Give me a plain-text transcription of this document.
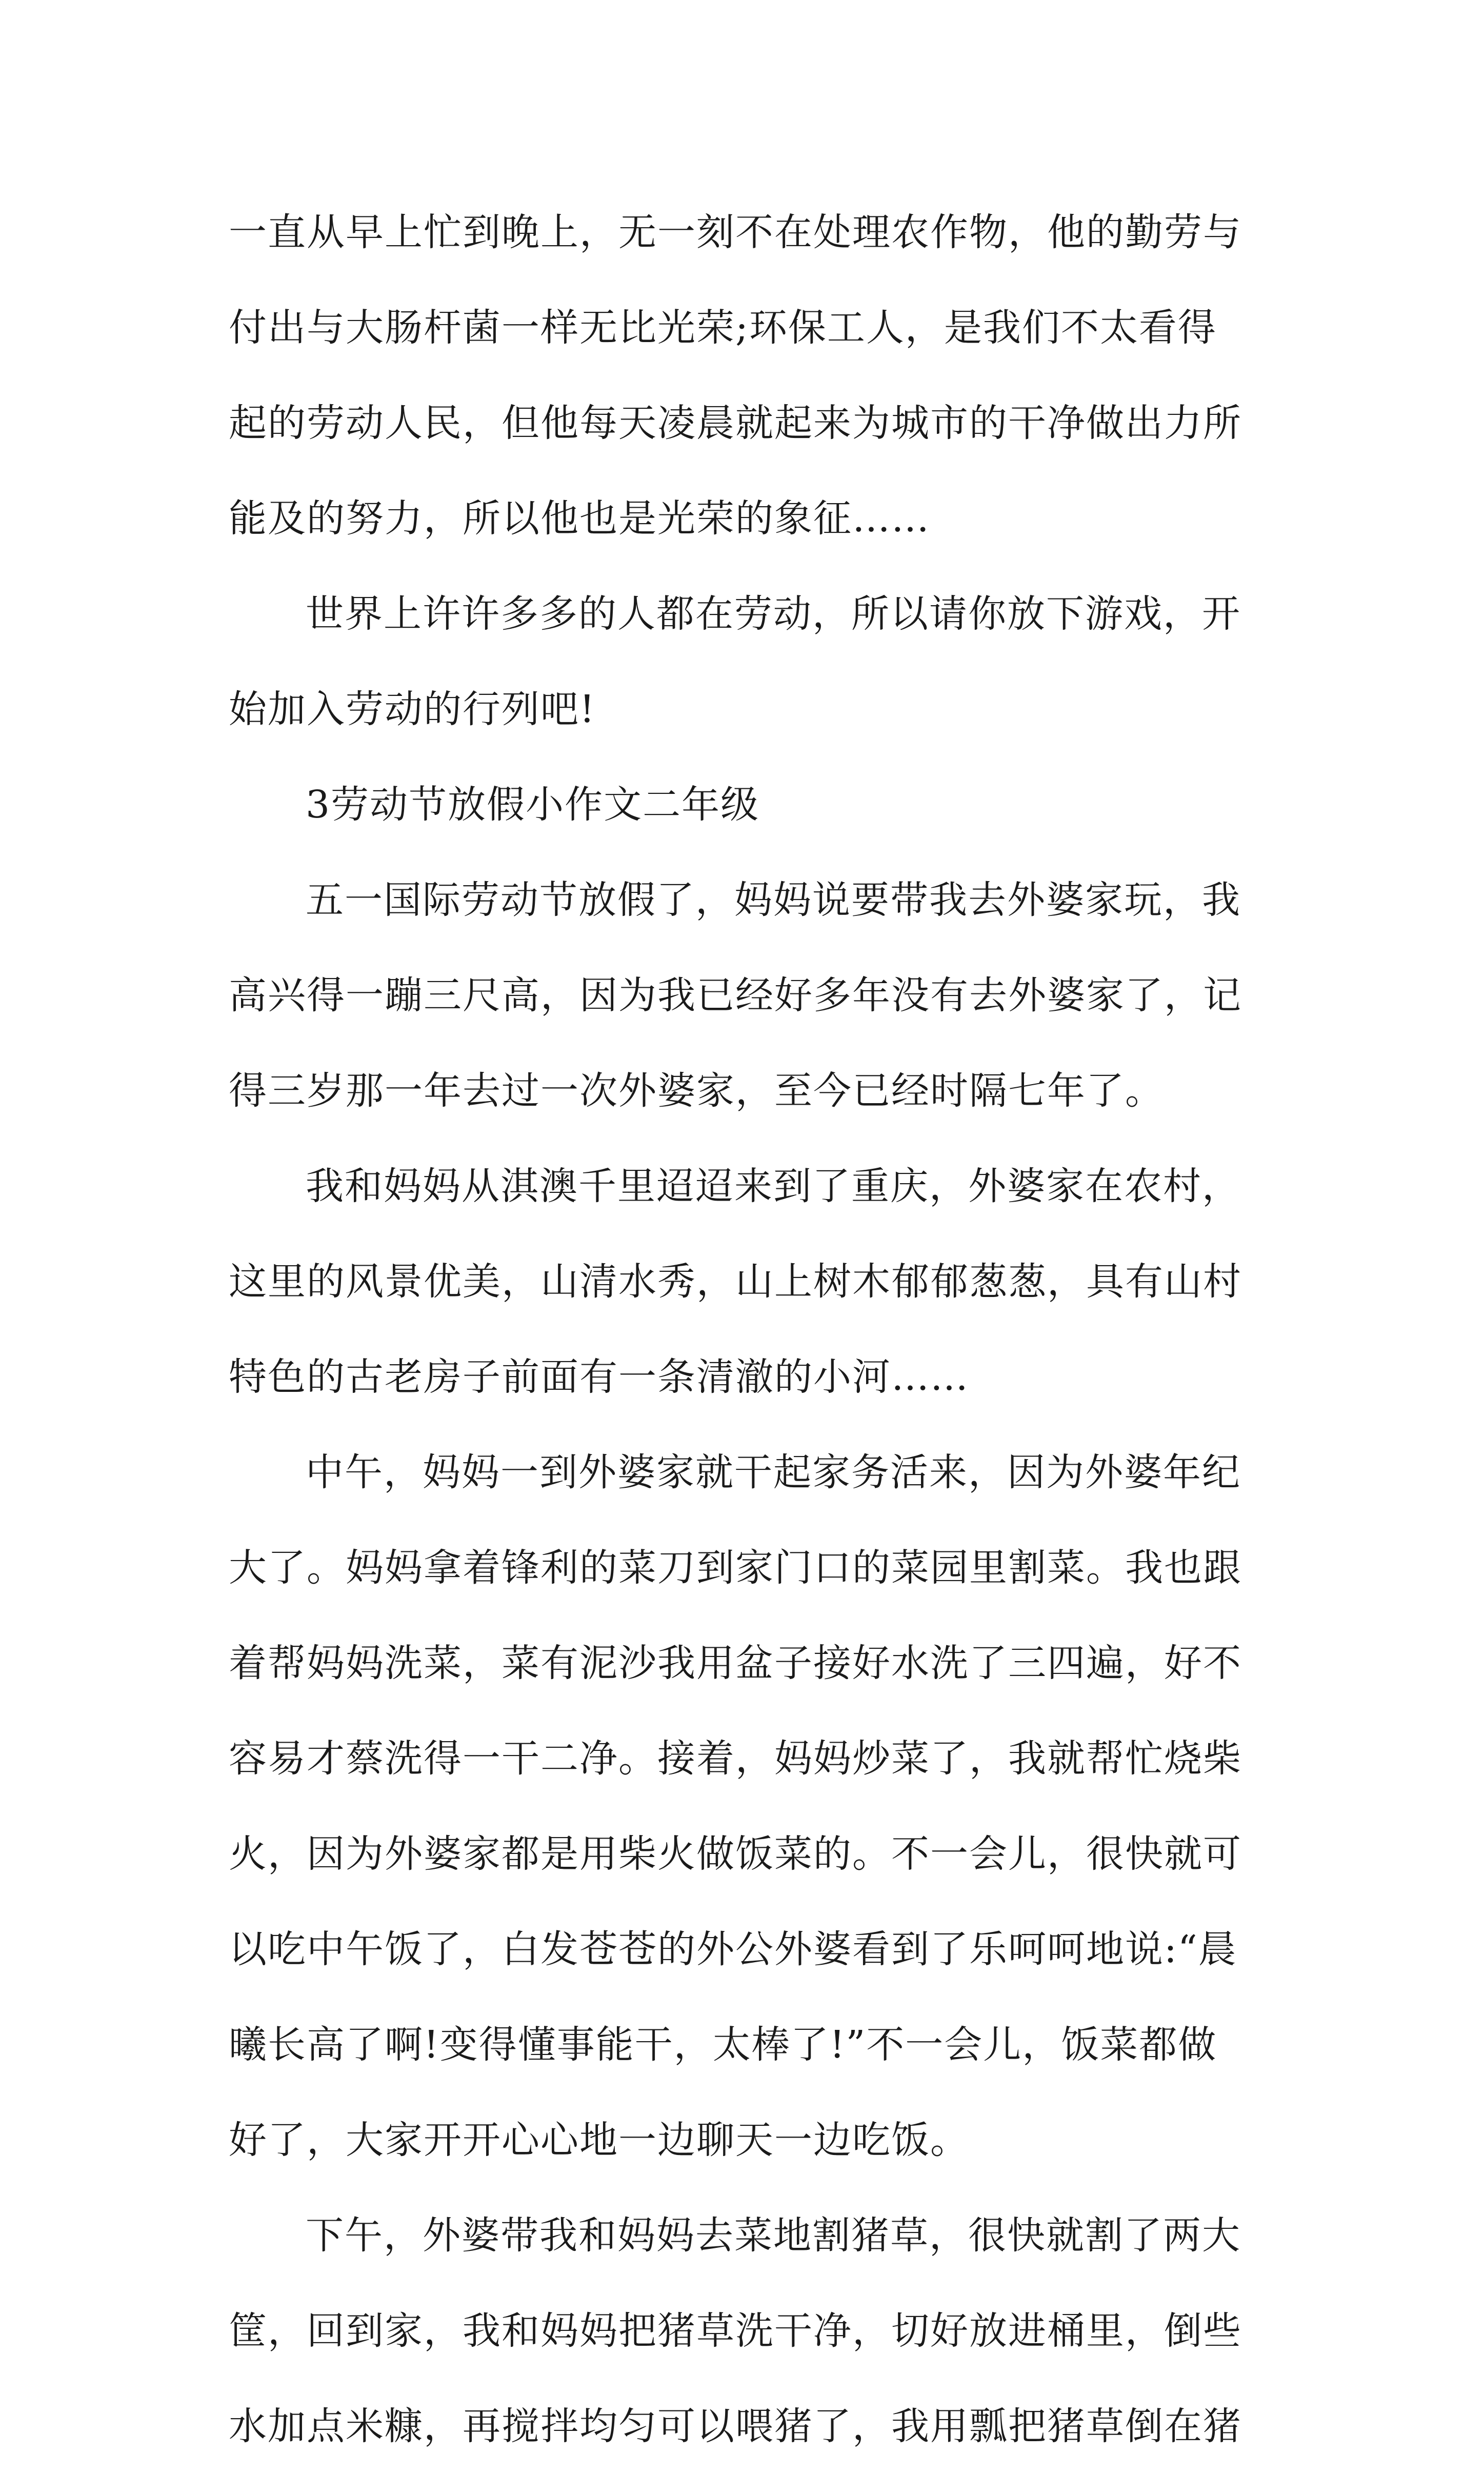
一直从早上忙到晚上，无一刻不在处理农作物，他的勤劳与
付出与大肠杆菌一样无比光荣;环保工人，是我们不太看得
起的劳动人民，但他每天凌晨就起来为城市的干净做出力所
能及的努力，所以他也是光荣的象征……
世界上许许多多的人都在劳动，所以请你放下游戏，开
始加入劳动的行列吧!
3劳动节放假小作文二年级
五一国际劳动节放假了，妈妈说要带我去外婆家玩，我
高兴得一蹦三尺高，因为我已经好多年没有去外婆家了，记
得三岁那一年去过一次外婆家，至今已经时隔七年了。
我和妈妈从淇澳千里迢迢来到了重庆，外婆家在农村，
这里的风景优美，山清水秀，山上树木郁郁葱葱，具有山村
特色的古老房子前面有一条清澈的小河……
中午，妈妈一到外婆家就干起家务活来，因为外婆年纪
大了。妈妈拿着锋利的菜刀到家门口的菜园里割菜。我也跟
着帮妈妈洗菜，菜有泥沙我用盆子接好水洗了三四遍，好不
容易才蔡洗得一干二净。接着，妈妈炒菜了，我就帮忙烧柴
火，因为外婆家都是用柴火做饭菜的。不一会儿，很快就可
以吃中午饭了，白发苍苍的外公外婆看到了乐呵呵地说:“晨
曦长高了啊!变得懂事能干，太棒了!”不一会儿，饭菜都做
好了，大家开开心心地一边聊天一边吃饭。
下午，外婆带我和妈妈去菜地割猪草，很快就割了两大
筐，回到家，我和妈妈把猪草洗干净，切好放进桶里，倒些
水加点米糠，再搅拌均匀可以喂猪了，我用瓢把猪草倒在猪
